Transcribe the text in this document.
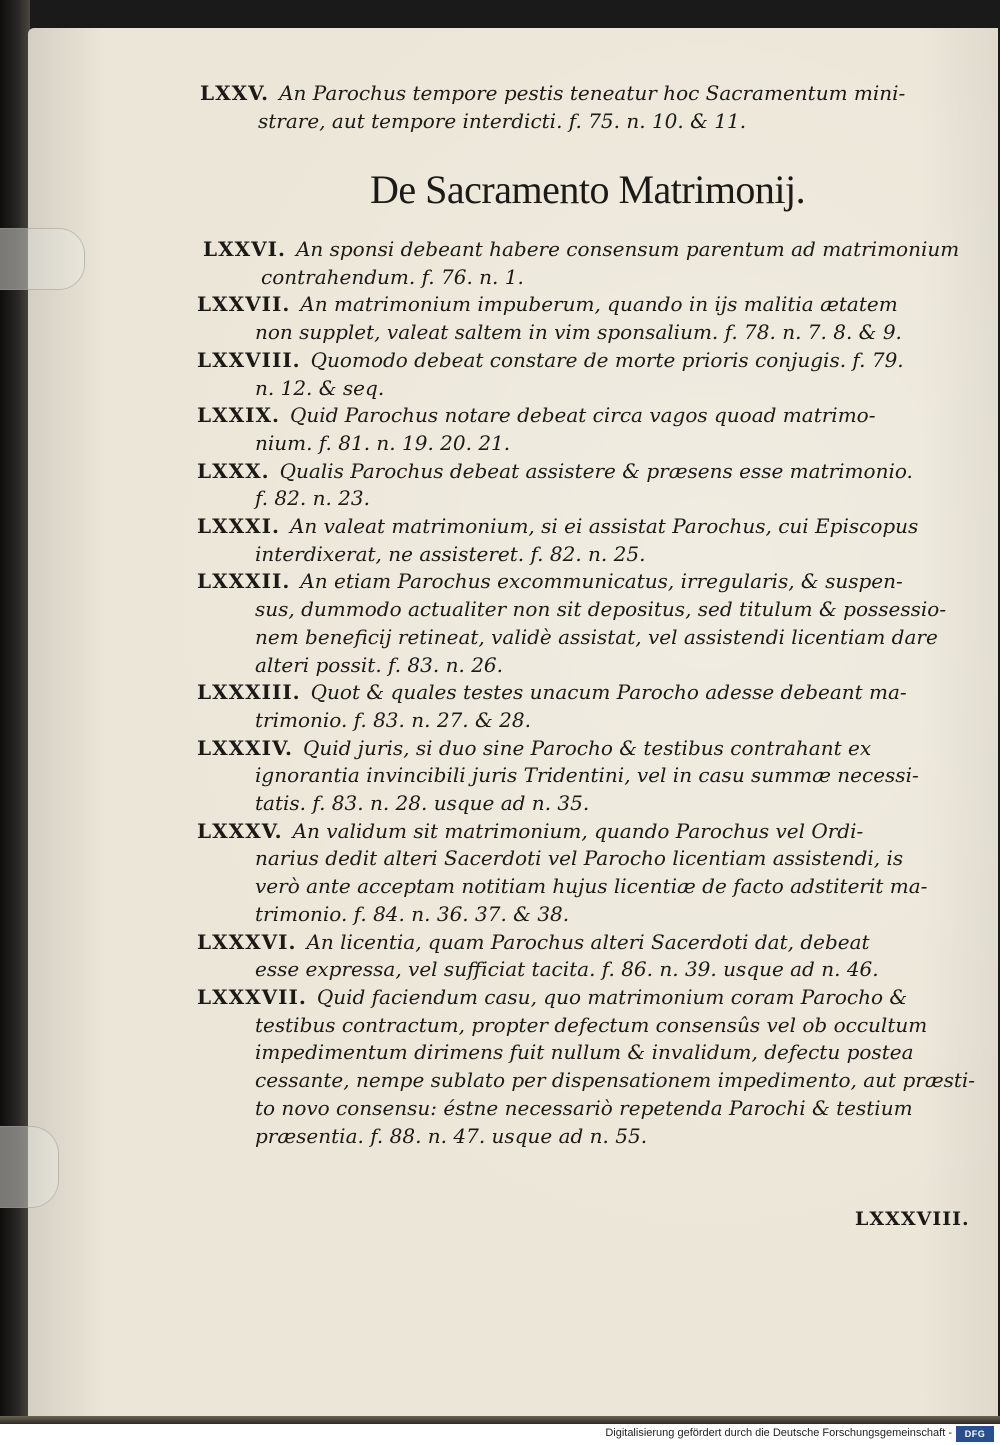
LXXV. An Parochus tempore pestis teneatur hoc Sacramentum mini-
strare, aut tempore interdicti. f. 75. n. 10. & 11.
De Sacramento Matrimonij.
LXXVI. An sponsi debeant habere consensum parentum ad matrimonium
contrahendum. f. 76. n. 1.
LXXVII. An matrimonium impuberum, quando in ijs malitia ætatem
non supplet, valeat saltem in vim sponsalium. f. 78. n. 7. 8. & 9.
LXXVIII. Quomodo debeat constare de morte prioris conjugis. f. 79.
n. 12. & seq.
LXXIX. Quid Parochus notare debeat circa vagos quoad matrimo-
nium. f. 81. n. 19. 20. 21.
LXXX. Qualis Parochus debeat assistere & præsens esse matrimonio.
f. 82. n. 23.
LXXXI. An valeat matrimonium, si ei assistat Parochus, cui Episcopus
interdixerat, ne assisteret. f. 82. n. 25.
LXXXII. An etiam Parochus excommunicatus, irregularis, & suspen-
sus, dummodo actualiter non sit depositus, sed titulum & possessio-
nem beneficij retineat, validè assistat, vel assistendi licentiam dare
alteri possit. f. 83. n. 26.
LXXXIII. Quot & quales testes unacum Parocho adesse debeant ma-
trimonio. f. 83. n. 27. & 28.
LXXXIV. Quid juris, si duo sine Parocho & testibus contrahant ex
ignorantia invincibili juris Tridentini, vel in casu summæ necessi-
tatis. f. 83. n. 28. usque ad n. 35.
LXXXV. An validum sit matrimonium, quando Parochus vel Ordi-
narius dedit alteri Sacerdoti vel Parocho licentiam assistendi, is
verò ante acceptam notitiam hujus licentiæ de facto adstiterit ma-
trimonio. f. 84. n. 36. 37. & 38.
LXXXVI. An licentia, quam Parochus alteri Sacerdoti dat, debeat
esse expressa, vel sufficiat tacita. f. 86. n. 39. usque ad n. 46.
LXXXVII. Quid faciendum casu, quo matrimonium coram Parocho &
testibus contractum, propter defectum consensûs vel ob occultum
impedimentum dirimens fuit nullum & invalidum, defectu postea
cessante, nempe sublato per dispensationem impedimento, aut præsti-
to novo consensu: éstne necessariò repetenda Parochi & testium
præsentia. f. 88. n. 47. usque ad n. 55.
LXXXVIII.
Digitalisierung gefördert durch die Deutsche Forschungsgemeinschaft -	DFG
